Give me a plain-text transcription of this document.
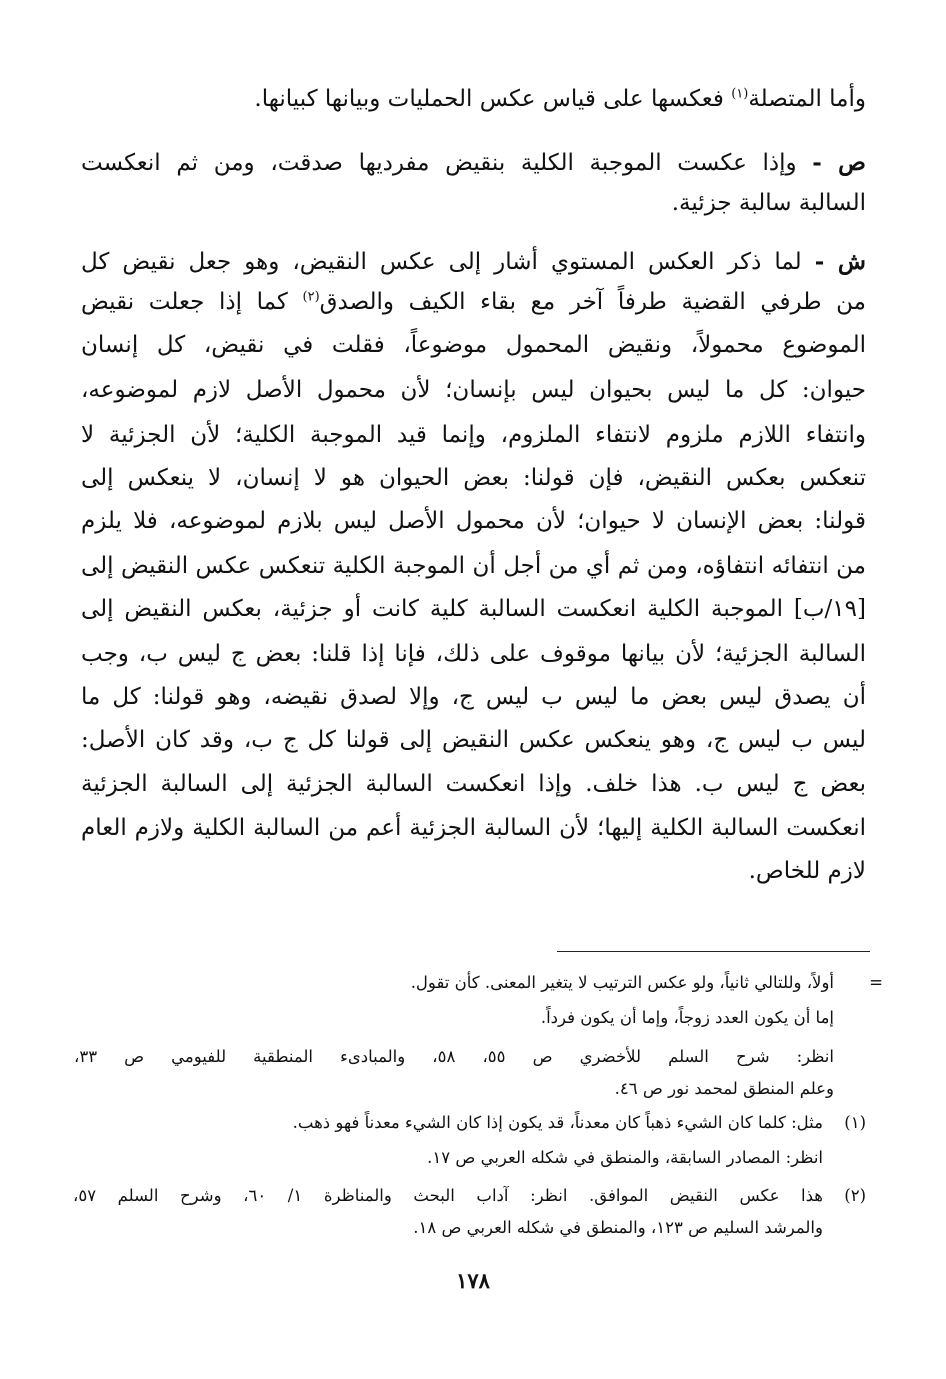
وأما المتصلة$^{(١)}$ فعكسها على قياس عكس الحمليات وبيانها كبيانها.
ص - وإذا عكست الموجبة الكلية بنقيض مفرديها صدقت، ومن ثم انعكست
السالبة سالبة جزئية.
ش - لما ذكر العكس المستوي أشار إلى عكس النقيض، وهو جعل نقيض كل
من طرفي القضية طرفاً آخر مع بقاء الكيف والصدق$^{(٢)}$ كما إذا جعلت نقيض
الموضوع محمولاً، ونقيض المحمول موضوعاً، فقلت في نقيض، كل إنسان
حيوان: كل ما ليس بحيوان ليس بإنسان؛ لأن محمول الأصل لازم لموضوعه،
وانتفاء اللازم ملزوم لانتفاء الملزوم، وإنما قيد الموجبة الكلية؛ لأن الجزئية لا
تنعكس بعكس النقيض، فإن قولنا: بعض الحيوان هو لا إنسان، لا ينعكس إلى
قولنا: بعض الإنسان لا حيوان؛ لأن محمول الأصل ليس بلازم لموضوعه، فلا يلزم
من انتفائه انتفاؤه، ومن ثم أي من أجل أن الموجبة الكلية تنعكس عكس النقيض إلى
[١٩/ب] الموجبة الكلية انعكست السالبة كلية كانت أو جزئية، بعكس النقيض إلى
السالبة الجزئية؛ لأن بيانها موقوف على ذلك، فإنا إذا قلنا: بعض ج ليس ب، وجب
أن يصدق ليس بعض ما ليس ب ليس ج، وإلا لصدق نقيضه، وهو قولنا: كل ما
ليس ب ليس ج، وهو ينعكس عكس النقيض إلى قولنا كل ج ب، وقد كان الأصل:
بعض ج ليس ب. هذا خلف. وإذا انعكست السالبة الجزئية إلى السالبة الجزئية
انعكست السالبة الكلية إليها؛ لأن السالبة الجزئية أعم من السالبة الكلية ولازم العام
لازم للخاص.
=
أولاً، وللتالي ثانياً، ولو عكس الترتيب لا يتغير المعنى. كأن تقول.
إما أن يكون العدد زوجاً، وإما أن يكون فرداً.
انظر: شرح السلم للأخضري ص ٥٥، ٥٨، والمبادىء المنطقية للفيومي ص ٣٣،
وعلم المنطق لمحمد نور ص ٤٦.
(١)
مثل: كلما كان الشيء ذهباً كان معدناً، قد يكون إذا كان الشيء معدناً فهو ذهب.
انظر: المصادر السابقة، والمنطق في شكله العربي ص ١٧.
(٢)
هذا عكس النقيض الموافق. انظر: آداب البحث والمناظرة ١/ ٦٠، وشرح السلم ٥٧،
والمرشد السليم ص ١٢٣، والمنطق في شكله العربي ص ١٨.
١٧٨
